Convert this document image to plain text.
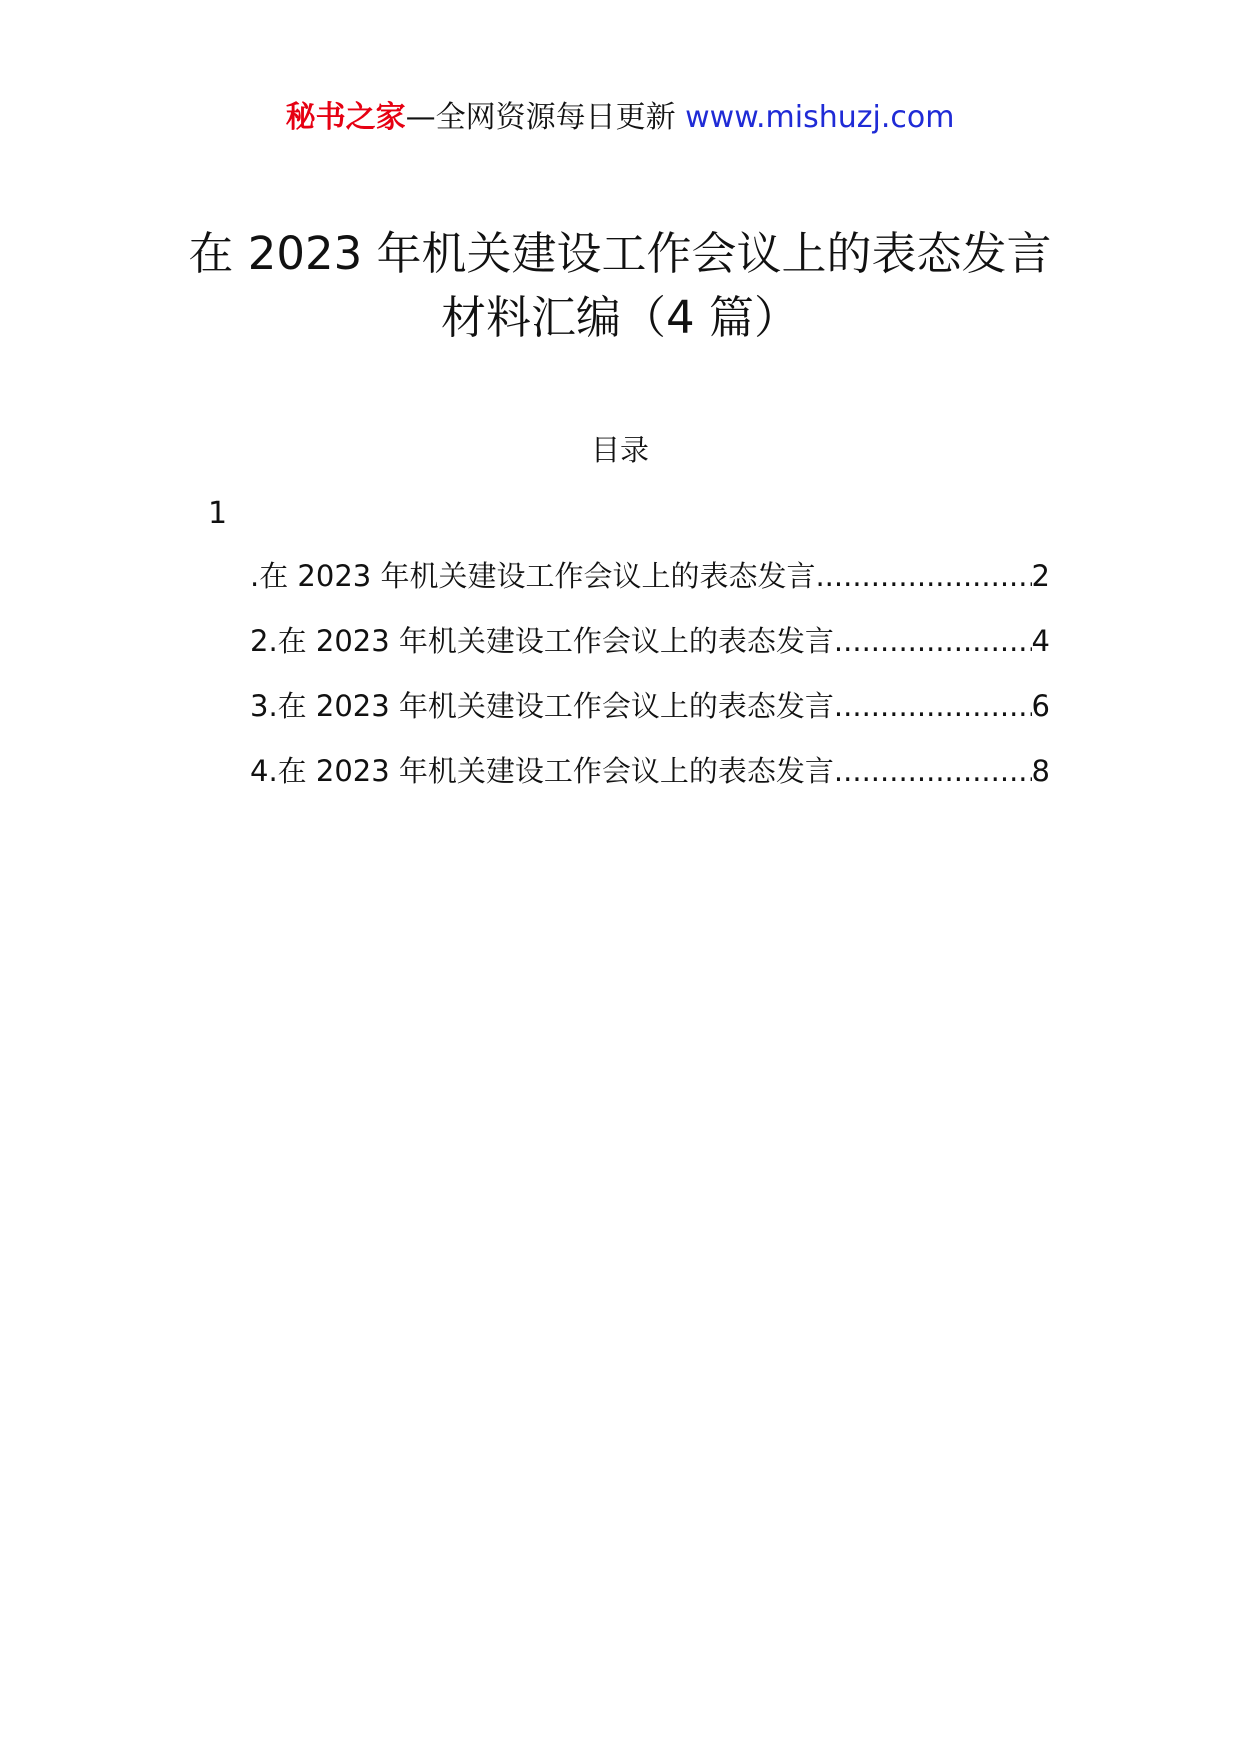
秘书之家—全网资源每日更新 www.mishuzj.com
在 2023 年机关建设工作会议上的表态发言
材料汇编（4 篇）
目录
1
.在 2023 年机关建设工作会议上的表态发言 .....	2
2.在 2023 年机关建设工作会议上的表态发言 .....	4
3.在 2023 年机关建设工作会议上的表态发言 .....	6
4.在 2023 年机关建设工作会议上的表态发言 .....	8
